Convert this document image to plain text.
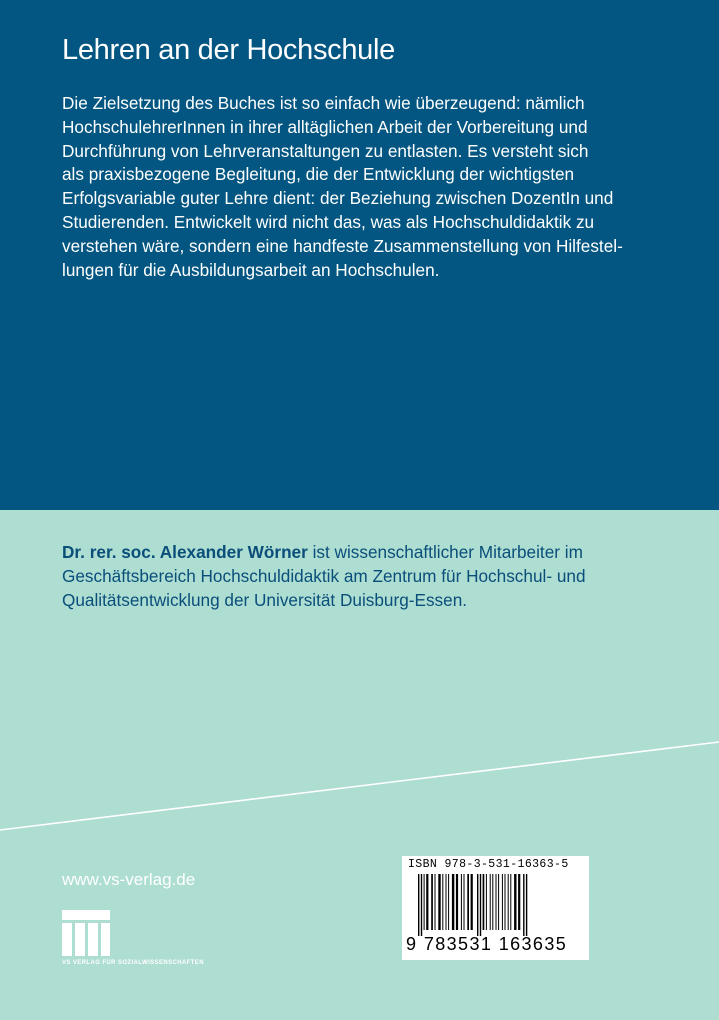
Lehren an der Hochschule

Die Zielsetzung des Buches ist so einfach wie überzeugend: nämlich
HochschulehrerInnen in ihrer alltäglichen Arbeit der Vorbereitung und
Durchführung von Lehrveranstaltungen zu entlasten. Es versteht sich
als praxisbezogene Begleitung, die der Entwicklung der wichtigsten
Erfolgsvariable guter Lehre dient: der Beziehung zwischen DozentIn und
Studierenden. Entwickelt wird nicht das, was als Hochschuldidaktik zu
verstehen wäre, sondern eine handfeste Zusammenstellung von Hilfestel-
lungen für die Ausbildungsarbeit an Hochschulen.

Dr. rer. soc. Alexander Wörner ist wissenschaftlicher Mitarbeiter im
Geschäftsbereich Hochschuldidaktik am Zentrum für Hochschul- und
Qualitätsentwicklung der Universität Duisburg-Essen.

www.vs-verlag.de

VS VERLAG FÜR SOZIALWISSENSCHAFTEN
ISBN 978-3-531-16363-5
9 783531 163635
